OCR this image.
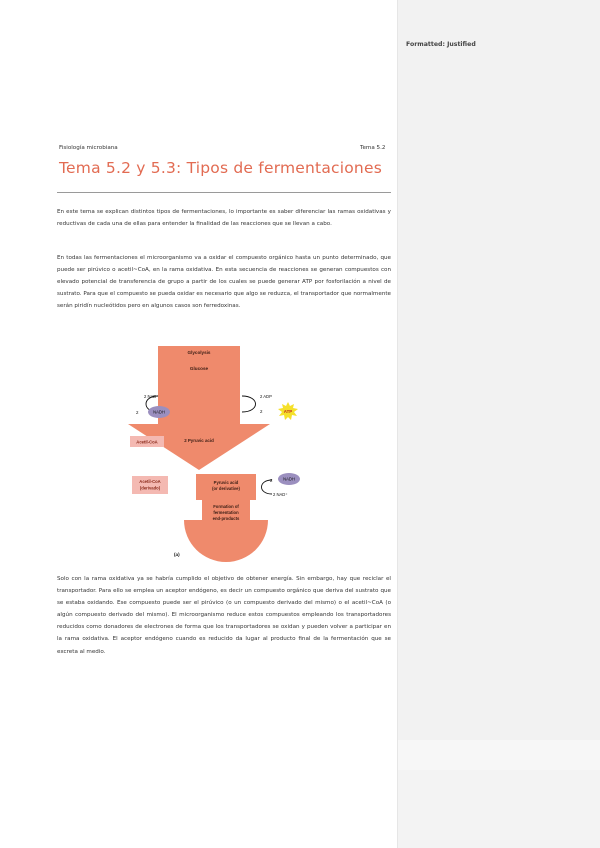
Fisiología microbiana	Tema 5.2
Tema 5.2 y 5.3: Tipos de fermentaciones
En este tema se explican distintos tipos de fermentaciones, lo importante es saber diferenciar las ramas oxidativas y reductivas de cada una de ellas para entender la finalidad de las reacciones que se llevan a cabo.
En todas las fermentaciones el microorganismo va a oxidar el compuesto orgánico hasta un punto determinado, que puede ser pirúvico o acetil~CoA, en la rama oxidativa. En esta secuencia de reacciones se generan compuestos con elevado potencial de transferencia de grupo a partir de los cuales se puede generar ATP por fosforilación a nivel de sustrato. Para que el compuesto se pueda oxidar es necesario que algo se reduzca, el transportador que normalmente serán piridín nucleótidos pero en algunos casos son ferredoxinas.
Glycolysis
Glucose
2 NAD⁺
2	NADH
2 ADP
2	ATP
Acetil-CoA	2 Pyruvic acid
Pyruvic acid
(or derivative)
Acetil-CoA
(derivado)
2	NADH
2 NAD⁺
Formation of
fermentation
end-products
(a)
Solo con la rama oxidativa ya se habría cumplido el objetivo de obtener energía. Sin embargo, hay que reciclar el transportador. Para ello se emplea un aceptor endógeno, es decir un compuesto orgánico que deriva del sustrato que se estaba oxidando. Ese compuesto puede ser el pirúvico (o un compuesto derivado del mismo) o el acetil~CoA (o algún compuesto derivado del mismo). El microorganismo reduce estos compuestos empleando los transportadores reducidos como donadores de electrones de forma que los transportadores se oxidan y pueden volver a participar en la rama oxidativa. El aceptor endógeno cuando es reducido da lugar al producto final de la fermentación que se excreta al medio.
Formatted: Justified
